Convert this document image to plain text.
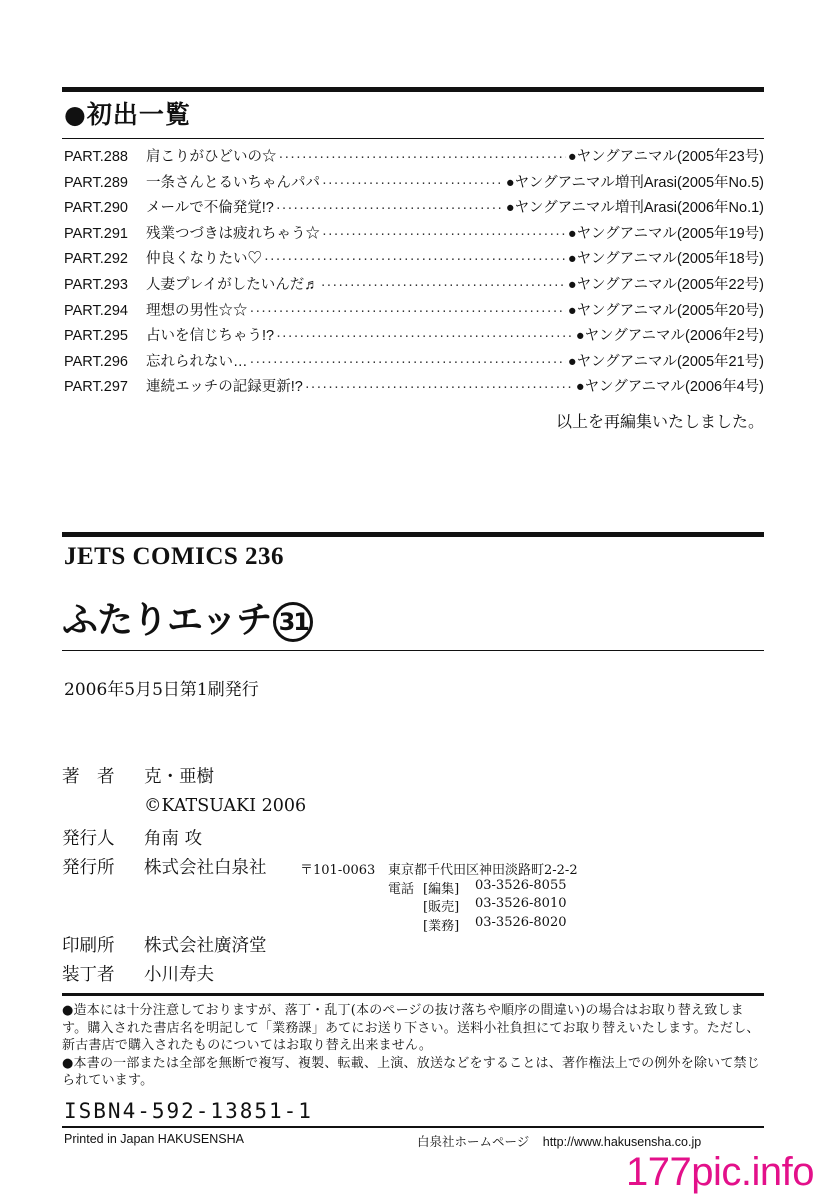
●初出一覧
PART.288	肩こりがひどいの☆ ·····	●ヤングアニマル(2005年23号)
PART.289	一条さんとるいちゃんパパ ·····	●ヤングアニマル増刊Arasi(2005年No.5)
PART.290	メールで不倫発覚!? ·····	●ヤングアニマル増刊Arasi(2006年No.1)
PART.291	残業つづきは疲れちゃう☆ ·····	●ヤングアニマル(2005年19号)
PART.292	仲良くなりたい♡ ·····	●ヤングアニマル(2005年18号)
PART.293	人妻プレイがしたいんだ♬ ·····	●ヤングアニマル(2005年22号)
PART.294	理想の男性☆☆ ·····	●ヤングアニマル(2005年20号)
PART.295	占いを信じちゃう!? ·····	●ヤングアニマル(2006年2号)
PART.296	忘れられない… ·····	●ヤングアニマル(2005年21号)
PART.297	連続エッチの記録更新!? ·····	●ヤングアニマル(2006年4号)
以上を再編集いたしました。
JETS COMICS 236
ふたりエッチ 31
2006年5月5日第1刷発行
著　者 克・亜樹
©KATSUAKI 2006
発行人 角南 攻
発行所 株式会社白泉社
印刷所 株式会社廣済堂
装丁者 小川寿夫
〒101-0063 東京都千代田区神田淡路町2-2-2
電話 [編集] 03-3526-8055
[販売] 03-3526-8010
[業務] 03-3526-8020
●造本には十分注意しておりますが、落丁・乱丁(本のページの抜け落ちや順序の間違い)の場合はお取り替え致します。購入された書店名を明記して「業務課」あてにお送り下さい。送料小社負担にてお取り替えいたします。ただし、新古書店で購入されたものについてはお取り替え出来ません。
●本書の一部または全部を無断で複写、複製、転載、上演、放送などをすることは、著作権法上での例外を除いて禁じられています。
ISBN4-592-13851-1
Printed in Japan HAKUSENSHA	白泉社ホームページ http://www.hakusensha.co.jp
177pic.info
